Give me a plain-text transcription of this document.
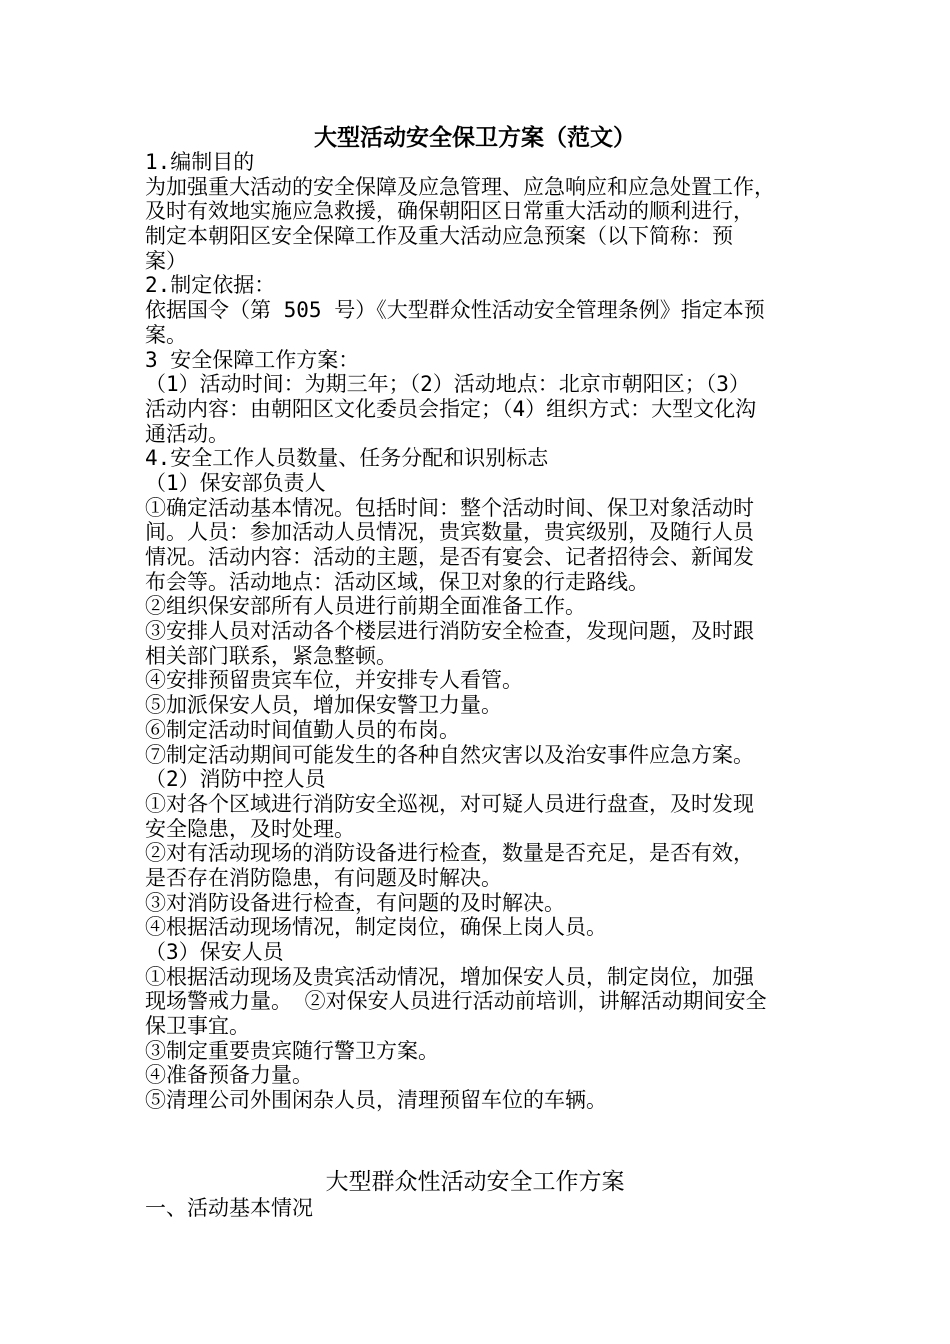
大型活动安全保卫方案（范文）
1.编制目的
为加强重大活动的安全保障及应急管理、应急响应和应急处置工作，
及时有效地实施应急救援，确保朝阳区日常重大活动的顺利进行，
制定本朝阳区安全保障工作及重大活动应急预案（以下简称：预
案）
2.制定依据：
依据国令（第 505 号）《大型群众性活动安全管理条例》指定本预
案。
3 安全保障工作方案：
（1）活动时间：为期三年；（2）活动地点：北京市朝阳区；（3）
活动内容：由朝阳区文化委员会指定；（4）组织方式：大型文化沟
通活动。
4.安全工作人员数量、任务分配和识别标志
（1）保安部负责人
①确定活动基本情况。包括时间：整个活动时间、保卫对象活动时
间。人员：参加活动人员情况，贵宾数量，贵宾级别，及随行人员
情况。活动内容：活动的主题，是否有宴会、记者招待会、新闻发
布会等。活动地点：活动区域，保卫对象的行走路线。
②组织保安部所有人员进行前期全面准备工作。
③安排人员对活动各个楼层进行消防安全检查，发现问题，及时跟
相关部门联系，紧急整顿。
④安排预留贵宾车位，并安排专人看管。
⑤加派保安人员，增加保安警卫力量。
⑥制定活动时间值勤人员的布岗。
⑦制定活动期间可能发生的各种自然灾害以及治安事件应急方案。
（2）消防中控人员
①对各个区域进行消防安全巡视，对可疑人员进行盘查，及时发现
安全隐患，及时处理。
②对有活动现场的消防设备进行检查，数量是否充足，是否有效，
是否存在消防隐患，有问题及时解决。
③对消防设备进行检查，有问题的及时解决。
④根据活动现场情况，制定岗位，确保上岗人员。
（3）保安人员
①根据活动现场及贵宾活动情况，增加保安人员，制定岗位，加强
现场警戒力量。 ②对保安人员进行活动前培训，讲解活动期间安全
保卫事宜。
③制定重要贵宾随行警卫方案。
④准备预备力量。
⑤清理公司外围闲杂人员，清理预留车位的车辆。
大型群众性活动安全工作方案
一、活动基本情况
